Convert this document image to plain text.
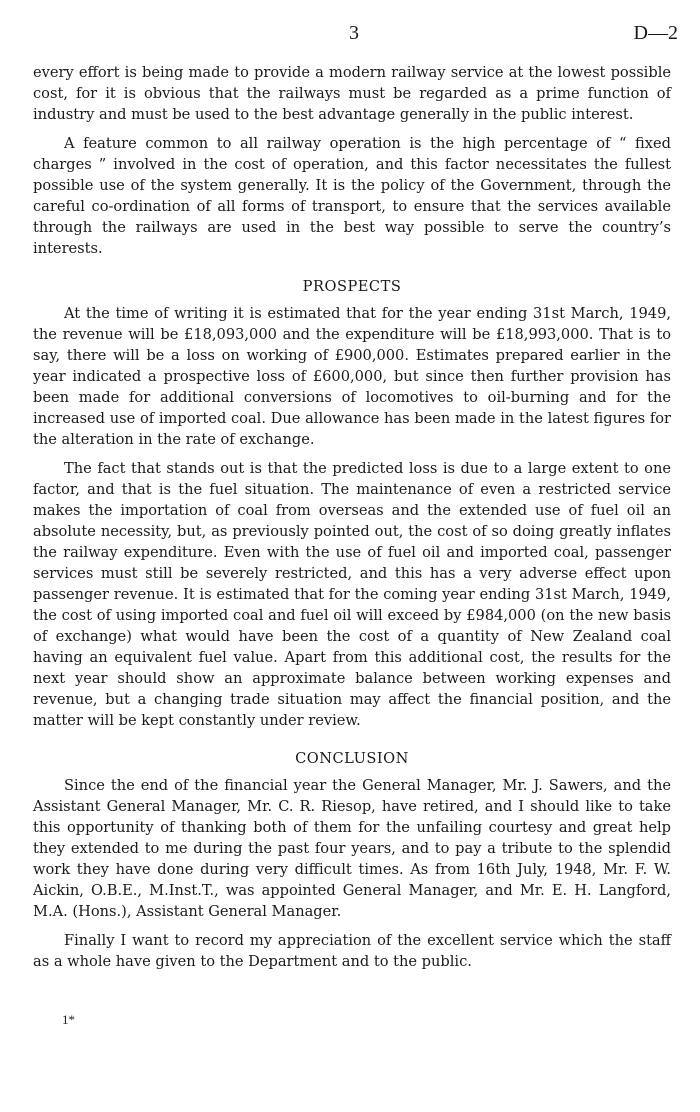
3	D—2

every effort is being made to provide a modern railway service at the lowest possible cost, for it is obvious that the railways must be regarded as a prime function of industry and must be used to the best advantage generally in the public interest.

A feature common to all railway operation is the high percentage of “ fixed charges ” involved in the cost of operation, and this factor necessitates the fullest possible use of the system generally. It is the policy of the Government, through the careful co-ordination of all forms of transport, to ensure that the services available through the railways are used in the best way possible to serve the country’s interests.

PROSPECTS

At the time of writing it is estimated that for the year ending 31st March, 1949, the revenue will be £18,093,000 and the expenditure will be £18,993,000. That is to say, there will be a loss on working of £900,000. Estimates prepared earlier in the year indicated a prospective loss of £600,000, but since then further provision has been made for additional conversions of locomotives to oil-burning and for the increased use of imported coal. Due allowance has been made in the latest figures for the alteration in the rate of exchange.

The fact that stands out is that the predicted loss is due to a large extent to one factor, and that is the fuel situation. The maintenance of even a restricted service makes the importation of coal from overseas and the extended use of fuel oil an absolute necessity, but, as previously pointed out, the cost of so doing greatly inflates the railway expenditure. Even with the use of fuel oil and imported coal, passenger services must still be severely restricted, and this has a very adverse effect upon passenger revenue. It is estimated that for the coming year ending 31st March, 1949, the cost of using imported coal and fuel oil will exceed by £984,000 (on the new basis of exchange) what would have been the cost of a quantity of New Zealand coal having an equivalent fuel value. Apart from this additional cost, the results for the next year should show an approximate balance between working expenses and revenue, but a changing trade situation may affect the financial position, and the matter will be kept constantly under review.

CONCLUSION

Since the end of the financial year the General Manager, Mr. J. Sawers, and the Assistant General Manager, Mr. C. R. Riesop, have retired, and I should like to take this opportunity of thanking both of them for the unfailing courtesy and great help they extended to me during the past four years, and to pay a tribute to the splendid work they have done during very difficult times. As from 16th July, 1948, Mr. F. W. Aickin, O.B.E., M.Inst.T., was appointed General Manager, and Mr. E. H. Langford, M.A. (Hons.), Assistant General Manager.

Finally I want to record my appreciation of the excellent service which the staff as a whole have given to the Department and to the public.

1*
